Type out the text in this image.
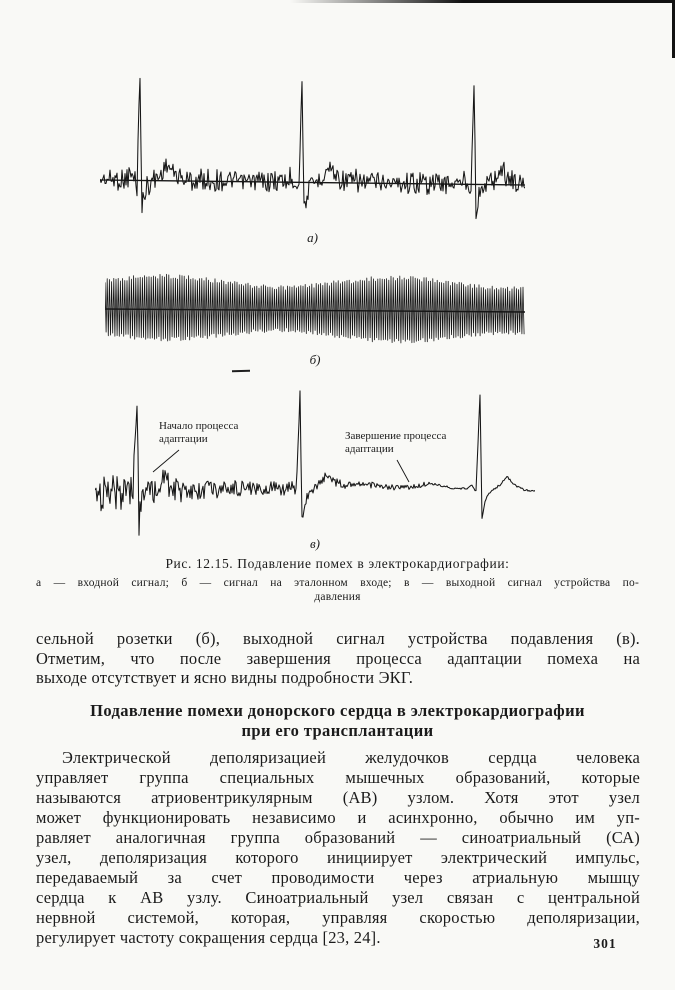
а)
б)
Начало процесса
адаптации	Завершение процесса
адаптации
в)
Рис. 12.15. Подавление помех в электрокардиографии:
а — входной сигнал; б — сигнал на эталонном входе; в — выходной сигнал устройства по-
давления
сельной розетки (б), выходной сигнал устройства подавления (в).
Отметим, что после завершения процесса адаптации помеха на
выходе отсутствует и ясно видны подробности ЭКГ.
Подавление помехи донорского сердца в электрокардиографии
при его трансплантации
Электрической деполяризацией желудочков сердца человека
управляет группа специальных мышечных образований, которые
называются атриовентрикулярным (АВ) узлом. Хотя этот узел
может функционировать независимо и асинхронно, обычно им уп-
равляет аналогичная группа образований — синоатриальный (СА)
узел, деполяризация которого инициирует электрический импульс,
передаваемый за счет проводимости через атриальную мышцу
сердца к АВ узлу. Синоатриальный узел связан с центральной
нервной системой, которая, управляя скоростью деполяризации,
регулирует частоту сокращения сердца [23, 24].	301
